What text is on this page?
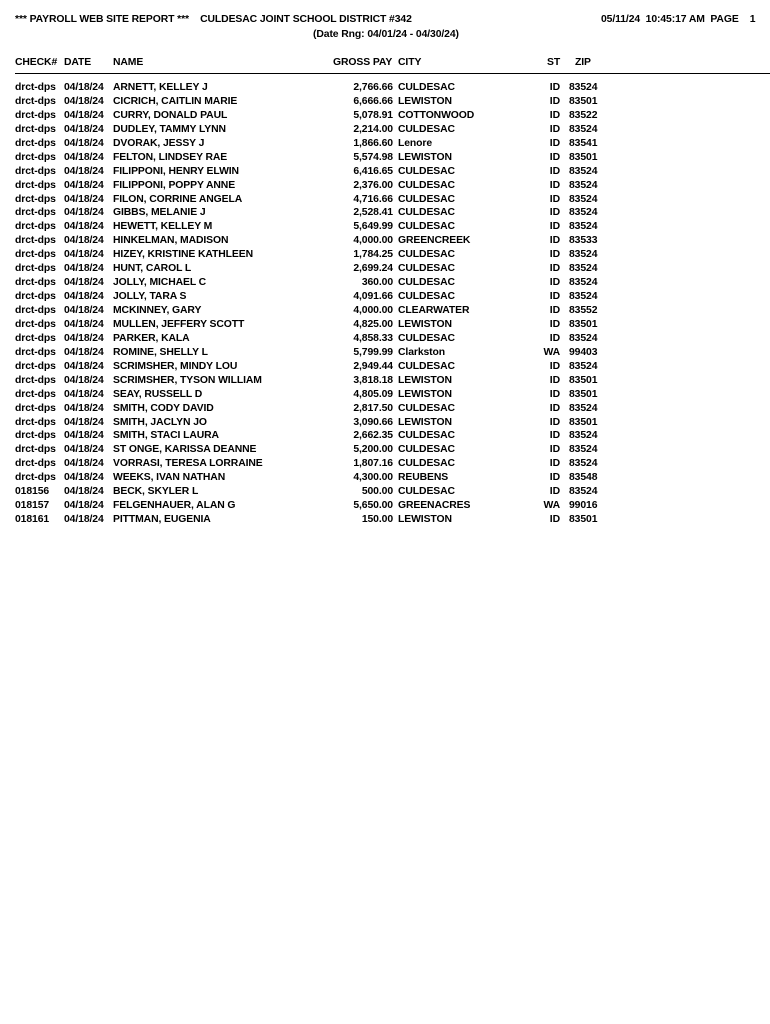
*** PAYROLL WEB SITE REPORT ***    CULDESAC JOINT SCHOOL DISTRICT #342

	05/11/24  10:45:17 AM  PAGE    1

(Date Rng: 04/01/24 - 04/30/24)
CHECK# DATE NAME	GROSS PAY CITY	ST ZIP
drct-dps 04/18/24 ARNETT, KELLEY J	2,766.66 CULDESAC	ID 83524
drct-dps 04/18/24 CICRICH, CAITLIN MARIE	6,666.66 LEWISTON	ID 83501
drct-dps 04/18/24 CURRY, DONALD PAUL	5,078.91 COTTONWOOD	ID 83522
drct-dps 04/18/24 DUDLEY, TAMMY LYNN	2,214.00 CULDESAC	ID 83524
drct-dps 04/18/24 DVORAK, JESSY J	1,866.60 Lenore	ID 83541
drct-dps 04/18/24 FELTON, LINDSEY RAE	5,574.98 LEWISTON	ID 83501
drct-dps 04/18/24 FILIPPONI, HENRY ELWIN	6,416.65 CULDESAC	ID 83524
drct-dps 04/18/24 FILIPPONI, POPPY ANNE	2,376.00 CULDESAC	ID 83524
drct-dps 04/18/24 FILON, CORRINE ANGELA	4,716.66 CULDESAC	ID 83524
drct-dps 04/18/24 GIBBS, MELANIE J	2,528.41 CULDESAC	ID 83524
drct-dps 04/18/24 HEWETT, KELLEY M	5,649.99 CULDESAC	ID 83524
drct-dps 04/18/24 HINKELMAN, MADISON	4,000.00 GREENCREEK	ID 83533
drct-dps 04/18/24 HIZEY, KRISTINE KATHLEEN	1,784.25 CULDESAC	ID 83524
drct-dps 04/18/24 HUNT, CAROL L	2,699.24 CULDESAC	ID 83524
drct-dps 04/18/24 JOLLY, MICHAEL C	360.00 CULDESAC	ID 83524
drct-dps 04/18/24 JOLLY, TARA S	4,091.66 CULDESAC	ID 83524
drct-dps 04/18/24 MCKINNEY, GARY	4,000.00 CLEARWATER	ID 83552
drct-dps 04/18/24 MULLEN, JEFFERY SCOTT	4,825.00 LEWISTON	ID 83501
drct-dps 04/18/24 PARKER, KALA	4,858.33 CULDESAC	ID 83524
drct-dps 04/18/24 ROMINE, SHELLY L	5,799.99 Clarkston	WA 99403
drct-dps 04/18/24 SCRIMSHER, MINDY LOU	2,949.44 CULDESAC	ID 83524
drct-dps 04/18/24 SCRIMSHER, TYSON WILLIAM	3,818.18 LEWISTON	ID 83501
drct-dps 04/18/24 SEAY, RUSSELL D	4,805.09 LEWISTON	ID 83501
drct-dps 04/18/24 SMITH, CODY DAVID	2,817.50 CULDESAC	ID 83524
drct-dps 04/18/24 SMITH, JACLYN JO	3,090.66 LEWISTON	ID 83501
drct-dps 04/18/24 SMITH, STACI LAURA	2,662.35 CULDESAC	ID 83524
drct-dps 04/18/24 ST ONGE, KARISSA DEANNE	5,200.00 CULDESAC	ID 83524
drct-dps 04/18/24 VORRASI, TERESA LORRAINE	1,807.16 CULDESAC	ID 83524
drct-dps 04/18/24 WEEKS, IVAN NATHAN	4,300.00 REUBENS	ID 83548
018156 04/18/24 BECK, SKYLER L	500.00 CULDESAC	ID 83524
018157 04/18/24 FELGENHAUER, ALAN G	5,650.00 GREENACRES	WA 99016
018161 04/18/24 PITTMAN, EUGENIA	150.00 LEWISTON	ID 83501
